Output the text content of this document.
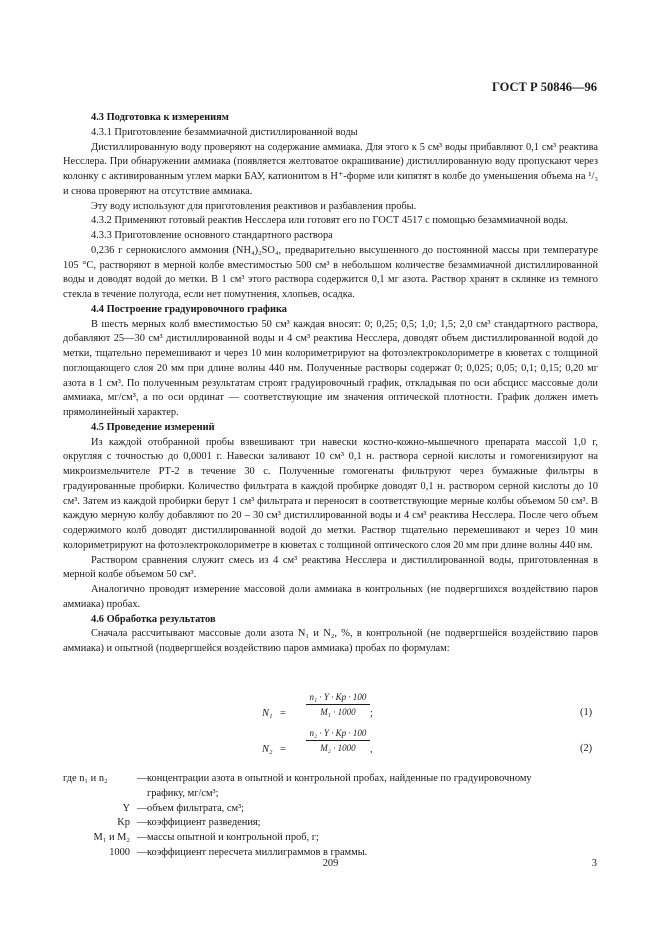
ГОСТ Р 50846—96

4.3 Подготовка к измерениям

4.3.1 Приготовление безаммиачной дистиллированной воды

Дистиллированную воду проверяют на содержание аммиака. Для этого к 5 см³ воды прибавляют 0,1 см³ реактива Несслера. При обнаружении аммиака (появляется желтоватое окрашивание) дистиллированную воду пропускают через колонку с активированным углем марки БАУ, катионитом в H⁺-форме или кипятят в колбе до уменьшения объема на ¹/₃ и снова проверяют на отсутствие аммиака.

Эту воду используют для приготовления реактивов и разбавления пробы.

4.3.2 Применяют готовый реактив Несслера или готовят его по ГОСТ 4517 с помощью безаммиачной воды.

4.3.3 Приготовление основного стандартного раствора

0,236 г сернокислого аммония (NH₄)₂SO₄, предварительно высушенного до постоянной массы при температуре 105 °С, растворяют в мерной колбе вместимостью 500 см³ в небольшом количестве безаммиачной дистиллированной воды и доводят водой до метки. В 1 см³ этого раствора содержится 0,1 мг азота. Раствор хранят в склянке из темного стекла в течение полугода, если нет помутнения, хлопьев, осадка.

4.4 Построение градуировочного графика

В шесть мерных колб вместимостью 50 см³ каждая вносят: 0; 0,25; 0,5; 1,0; 1,5; 2,0 см³ стандартного раствора, добавляют 25—30 см³ дистиллированной воды и 4 см³ реактива Несслера, доводят объем дистиллированной водой до метки, тщательно перемешивают и через 10 мин колориметрируют на фотоэлектроколориметре в кюветах с толщиной поглощающего слоя 20 мм при длине волны 440 нм. Полученные растворы содержат 0; 0,025; 0,05; 0,1; 0,15; 0,20 мг азота в 1 см³. По полученным результатам строят градуировочный график, откладывая по оси абсцисс массовые доли аммиака, мг/см³, а по оси ординат — соответствующие им значения оптической плотности. График должен иметь прямолинейный характер.

4.5 Проведение измерений

Из каждой отобранной пробы взвешивают три навески костно-кожно-мышечного препарата массой 1,0 г, округляя с точностью до 0,0001 г. Навески заливают 10 см³ 0,1 н. раствора серной кислоты и гомогенизируют на микроизмельчителе РТ-2 в течение 30 с. Полученные гомогенаты фильтруют через бумажные фильтры в градуированные пробирки. Количество фильтрата в каждой пробирке доводят 0,1 н. раствором серной кислоты до 10 см³. Затем из каждой пробирки берут 1 см³ фильтрата и переносят в соответствующие мерные колбы объемом 50 см³. В каждую мерную колбу добавляют по 20 – 30 см³ дистиллированной воды и 4 см³ реактива Несслера. После чего объем содержимого колб доводят дистиллированной водой до метки. Раствор тщательно перемешивают и через 10 мин колориметрируют на фотоэлектроколориметре в кюветах с толщиной оптического слоя 20 мм при длине волны 440 нм.

Раствором сравнения служит смесь из 4 см³ реактива Несслера и дистиллированной воды, приготовленная в мерной колбе объемом 50 см³.

Аналогично проводят измерение массовой доли аммиака в контрольных (не подвергшихся воздействию паров аммиака) пробах.

4.6 Обработка результатов

Сначала рассчитывают массовые доли азота N₁ и N₂, %, в контрольной (не подвергшейся воздействию паров аммиака) и опытной (подвергшейся воздействию паров аммиака) пробах по формулам:

N₁ =
n₁ · Y · Kр · 100
M₁ · 1000	;	(1)
N₂ =
n₂ · Y · Kр · 100
M₂ · 1000	,	(2)
где n₁ и n₂	— концентрации азота в опытной и контрольной пробах, найденные по градуировочному
графику, мг/см³;
Y — объем фильтрата, см³;
Kр — коэффициент разведения;
M₁ и M₂ — массы опытной и контрольной проб, г;
1000 — коэффициент пересчета миллиграммов в граммы.
209	3
